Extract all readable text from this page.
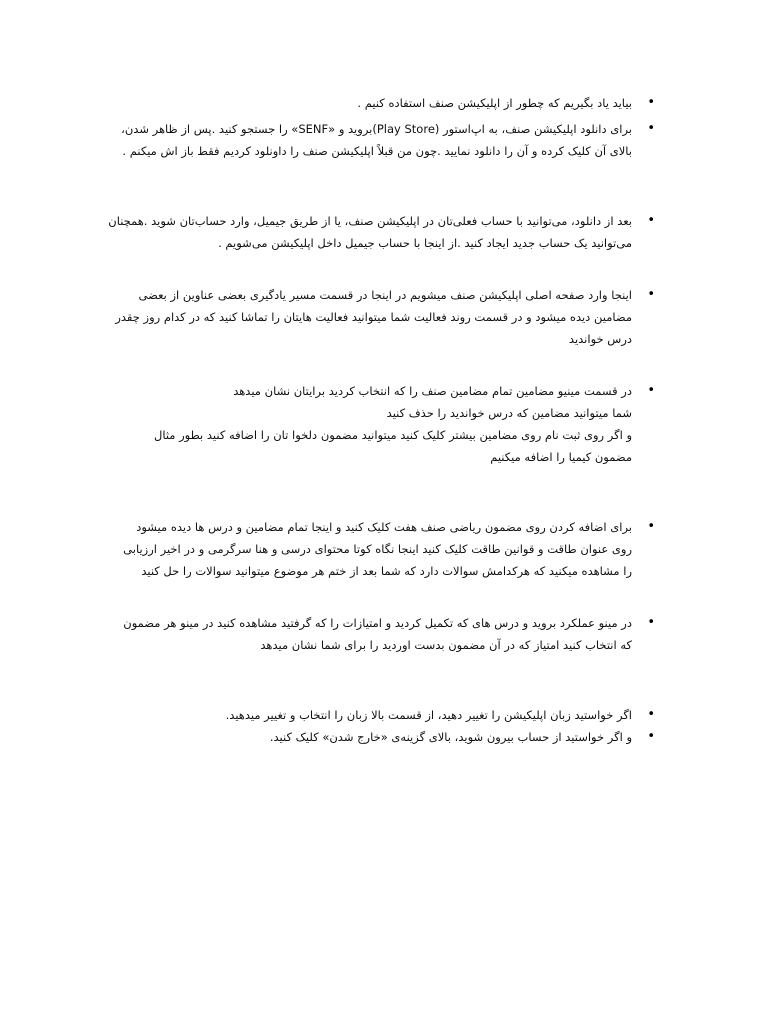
• بیاید یاد بگیریم که چطور از اپلیکیشن صنف استفاده کنیم .
• برای دانلود اپلیکیشن صنف، به اپ‌استور (Play Store)بروید و «SENF» را جستجو کنید .پس از ظاهر شدن،
بالای آن کلیک کرده و آن را دانلود نمایید .چون من قبلاً اپلیکیشن صنف را داونلود کردیم فقط باز اش میکنم .
• بعد از دانلود، می‌توانید با حساب فعلی‌تان در اپلیکیشن صنف، یا از طریق جیمیل، وارد حساب‌تان شوید .همچنان
می‌توانید یک حساب جدید ایجاد کنید .از اینجا با حساب جیمیل داخل اپلیکیشن می‌شویم .
• اینجا وارد صفحه اصلی اپلیکیشن صنف میشویم در اینجا در قسمت مسیر یادگیری بعضی عناوین از بعضی
مضامین دیده میشود و در قسمت روند فعالیت شما میتوانید فعالیت هایتان را تماشا کنید که در کدام روز چقدر
درس خواندید
• در قسمت مینیو مضامین تمام مضامین صنف را که انتخاب کردید برایتان نشان میدهد
شما میتوانید مضامین که درس خواندید را حذف کنید
و اگر روی ثبت نام روی مضامین بیشتر کلیک کنید میتوانید مضمون دلخوا تان را اضافه کنید بطور مثال
مضمون کیمیا را اضافه میکنیم
• برای اضافه کردن روی مضمون ریاضی صنف هفت کلیک کنید و اینجا تمام مضامین و درس ها دیده میشود
روی عنوان طاقت و قوانین طاقت کلیک کنید اینجا نگاه کوتا محتوای درسی و هنا سرگرمی و در اخیر ارزیابی
را مشاهده میکنید که هرکدامش سوالات دارد که شما بعد از ختم هر موضوع میتوانید سوالات را حل کنید
• در مینو عملکرد بروید و درس های که تکمیل کردید و امتیازات را که گرفتید مشاهده کنید در مینو هر مضمون
که انتخاب کنید امتیاز که در آن مضمون بدست اوردید را برای شما نشان میدهد
• اگر خواستید زبان اپلیکیشن را تغییر دهید، از قسمت بالا زبان را انتخاب و تغییر میدهید.
• و اگر خواستید از حساب بیرون شوید، بالای گزینه‌ی «خارج شدن» کلیک کنید.
